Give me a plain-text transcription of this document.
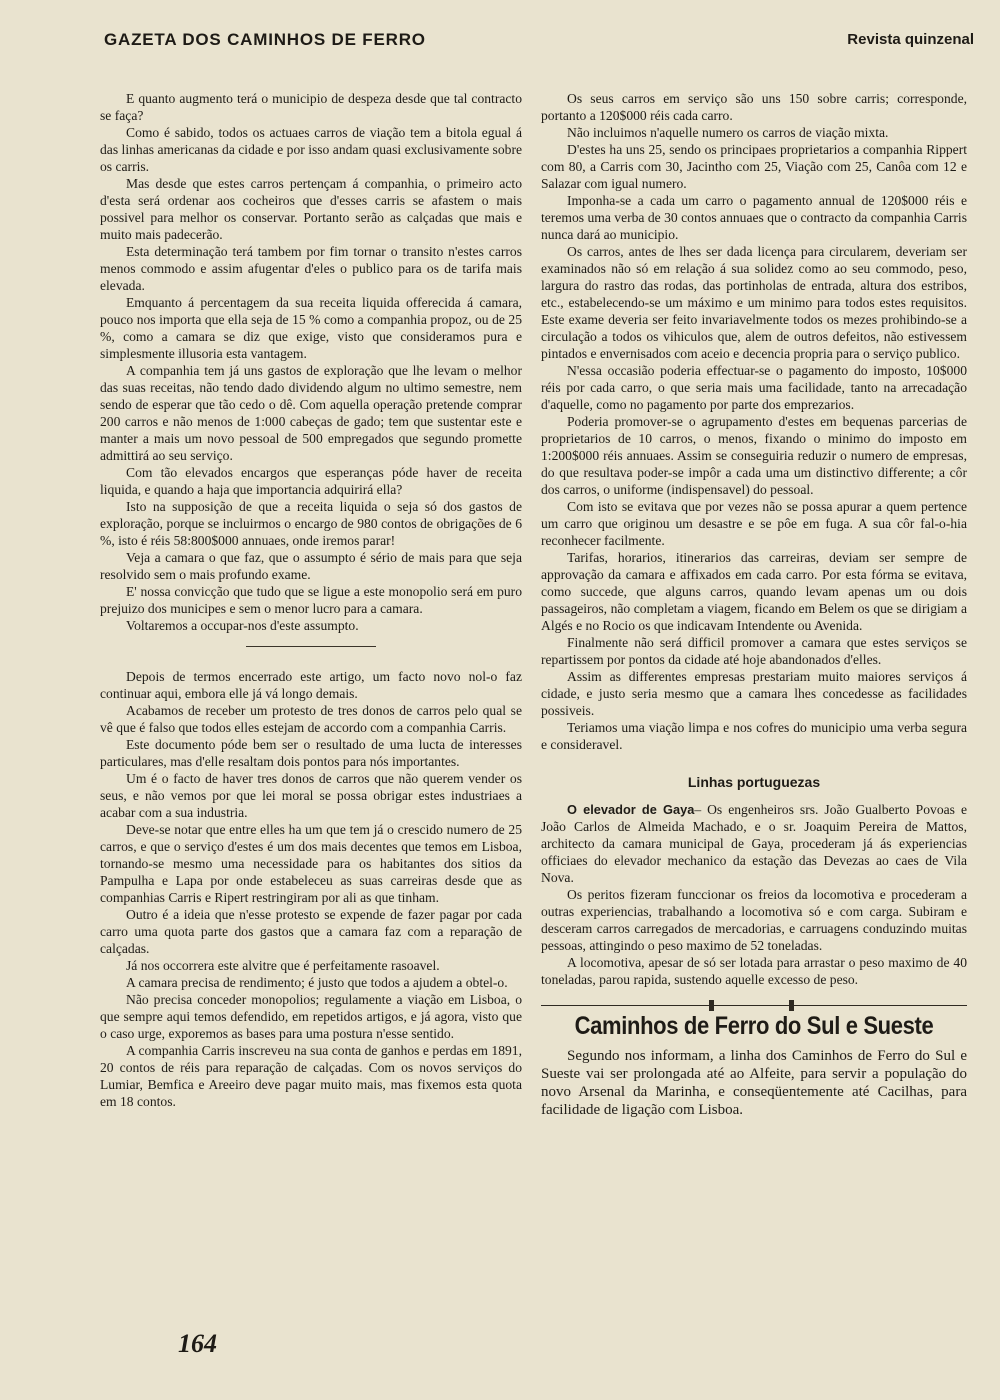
GAZETA DOS CAMINHOS DE FERRO	Revista quinzenal

E quanto augmento terá o municipio de despeza desde que tal contracto se faça?

Como é sabido, todos os actuaes carros de viação tem a bitola egual á das linhas americanas da cidade e por isso andam quasi exclusivamente sobre os carris.

Mas desde que estes carros pertençam á companhia, o primeiro acto d'esta será ordenar aos cocheiros que d'esses carris se afastem o mais possivel para melhor os conservar. Portanto serão as calçadas que mais e muito mais padecerão.

Esta determinação terá tambem por fim tornar o transito n'estes carros menos commodo e assim afugentar d'eles o publico para os de tarifa mais elevada.

Emquanto á percentagem da sua receita liquida offerecida á camara, pouco nos importa que ella seja de 15 % como a companhia propoz, ou de 25 %, como a camara se diz que exige, visto que consideramos pura e simplesmente illusoria esta vantagem.

A companhia tem já uns gastos de exploração que lhe levam o melhor das suas receitas, não tendo dado dividendo algum no ultimo semestre, nem sendo de esperar que tão cedo o dê. Com aquella operação pretende comprar 200 carros e não menos de 1:000 cabeças de gado; tem que sustentar este e manter a mais um novo pessoal de 500 empregados que segundo promette admittirá ao seu serviço.

Com tão elevados encargos que esperanças póde haver de receita liquida, e quando a haja que importancia adquirirá ella?

Isto na supposição de que a receita liquida o seja só dos gastos de exploração, porque se incluirmos o encargo de 980 contos de obrigações de 6 %, isto é réis 58:800$000 annuaes, onde iremos parar!

Veja a camara o que faz, que o assumpto é sério de mais para que seja resolvido sem o mais profundo exame.

E' nossa convicção que tudo que se ligue a este monopolio será em puro prejuizo dos municipes e sem o menor lucro para a camara.

Voltaremos a occupar-nos d'este assumpto.

Depois de termos encerrado este artigo, um facto novo nol-o faz continuar aqui, embora elle já vá longo demais.

Acabamos de receber um protesto de tres donos de carros pelo qual se vê que é falso que todos elles estejam de accordo com a companhia Carris.

Este documento póde bem ser o resultado de uma lucta de interesses particulares, mas d'elle resaltam dois pontos para nós importantes.

Um é o facto de haver tres donos de carros que não querem vender os seus, e não vemos por que lei moral se possa obrigar estes industriaes a acabar com a sua industria.

Deve-se notar que entre elles ha um que tem já o crescido numero de 25 carros, e que o serviço d'estes é um dos mais decentes que temos em Lisboa, tornando-se mesmo uma necessidade para os habitantes dos sitios da Pampulha e Lapa por onde estabeleceu as suas carreiras desde que as companhias Carris e Ripert restringiram por ali as que tinham.

Outro é a ideia que n'esse protesto se expende de fazer pagar por cada carro uma quota parte dos gastos que a camara faz com a reparação de calçadas.

Já nos occorrera este alvitre que é perfeitamente rasoavel.

A camara precisa de rendimento; é justo que todos a ajudem a obtel-o.

Não precisa conceder monopolios; regulamente a viação em Lisboa, o que sempre aqui temos defendido, em repetidos artigos, e já agora, visto que o caso urge, exporemos as bases para uma postura n'esse sentido.

A companhia Carris inscreveu na sua conta de ganhos e perdas em 1891, 20 contos de réis para reparação de calçadas. Com os novos serviços do Lumiar, Bemfica e Areeiro deve pagar muito mais, mas fixemos esta quota em 18 contos.

Os seus carros em serviço são uns 150 sobre carris; corresponde, portanto a 120$000 réis cada carro.

Não incluimos n'aquelle numero os carros de viação mixta.

D'estes ha uns 25, sendo os principaes proprietarios a companhia Rippert com 80, a Carris com 30, Jacintho com 25, Viação com 25, Canôa com 12 e Salazar com igual numero.

Imponha-se a cada um carro o pagamento annual de 120$000 réis e teremos uma verba de 30 contos annuaes que o contracto da companhia Carris nunca dará ao municipio.

Os carros, antes de lhes ser dada licença para circularem, deveriam ser examinados não só em relação á sua solidez como ao seu commodo, peso, largura do rastro das rodas, das portinholas de entrada, altura dos estribos, etc., estabelecendo-se um máximo e um minimo para todos estes requisitos. Este exame deveria ser feito invariavelmente todos os mezes prohibindo-se a circulação a todos os vihiculos que, alem de outros defeitos, não estivessem pintados e envernisados com aceio e decencia propria para o serviço publico.

N'essa occasião poderia effectuar-se o pagamento do imposto, 10$000 réis por cada carro, o que seria mais uma facilidade, tanto na arrecadação d'aquelle, como no pagamento por parte dos emprezarios.

Poderia promover-se o agrupamento d'estes em bequenas parcerias de proprietarios de 10 carros, o menos, fixando o minimo do imposto em 1:200$000 réis annuaes. Assim se conseguiria reduzir o numero de empresas, do que resultava poder-se impôr a cada uma um distinctivo differente; a côr dos carros, o uniforme (indispensavel) do pessoal.

Com isto se evitava que por vezes não se possa apurar a quem pertence um carro que originou um desastre e se pôe em fuga. A sua côr fal-o-hia reconhecer facilmente.

Tarifas, horarios, itinerarios das carreiras, deviam ser sempre de approvação da camara e affixados em cada carro. Por esta fórma se evitava, como succede, que alguns carros, quando levam apenas um ou dois passageiros, não completam a viagem, ficando em Belem os que se dirigiam a Algés e no Rocio os que indicavam Intendente ou Avenida.

Finalmente não será difficil promover a camara que estes serviços se repartissem por pontos da cidade até hoje abandonados d'elles.

Assim as differentes empresas prestariam muito maiores serviços á cidade, e justo seria mesmo que a camara lhes concedesse as facilidades possiveis.

Teriamos uma viação limpa e nos cofres do municipio uma verba segura e consideravel.

Linhas portuguezas

O elevador de Gaya– Os engenheiros srs. João Gualberto Povoas e João Carlos de Almeida Machado, e o sr. Joaquim Pereira de Mattos, architecto da camara municipal de Gaya, procederam já ás experiencias officiaes do elevador mechanico da estação das Devezas ao caes de Vila Nova.

Os peritos fizeram funccionar os freios da locomotiva e procederam a outras experiencias, trabalhando a locomotiva só e com carga. Subiram e desceram carros carregados de mercadorias, e carruagens conduzindo muitas pessoas, attingindo o peso maximo de 52 toneladas.

A locomotiva, apesar de só ser lotada para arrastar o peso maximo de 40 toneladas, parou rapida, sustendo aquelle excesso de peso.

Caminhos de Ferro do Sul e Sueste

Segundo nos informam, a linha dos Caminhos de Ferro do Sul e Sueste vai ser prolongada até ao Alfeite, para servir a população do novo Arsenal da Marinha, e conseqüentemente até Cacilhas, para facilidade de ligação com Lisboa.

164
